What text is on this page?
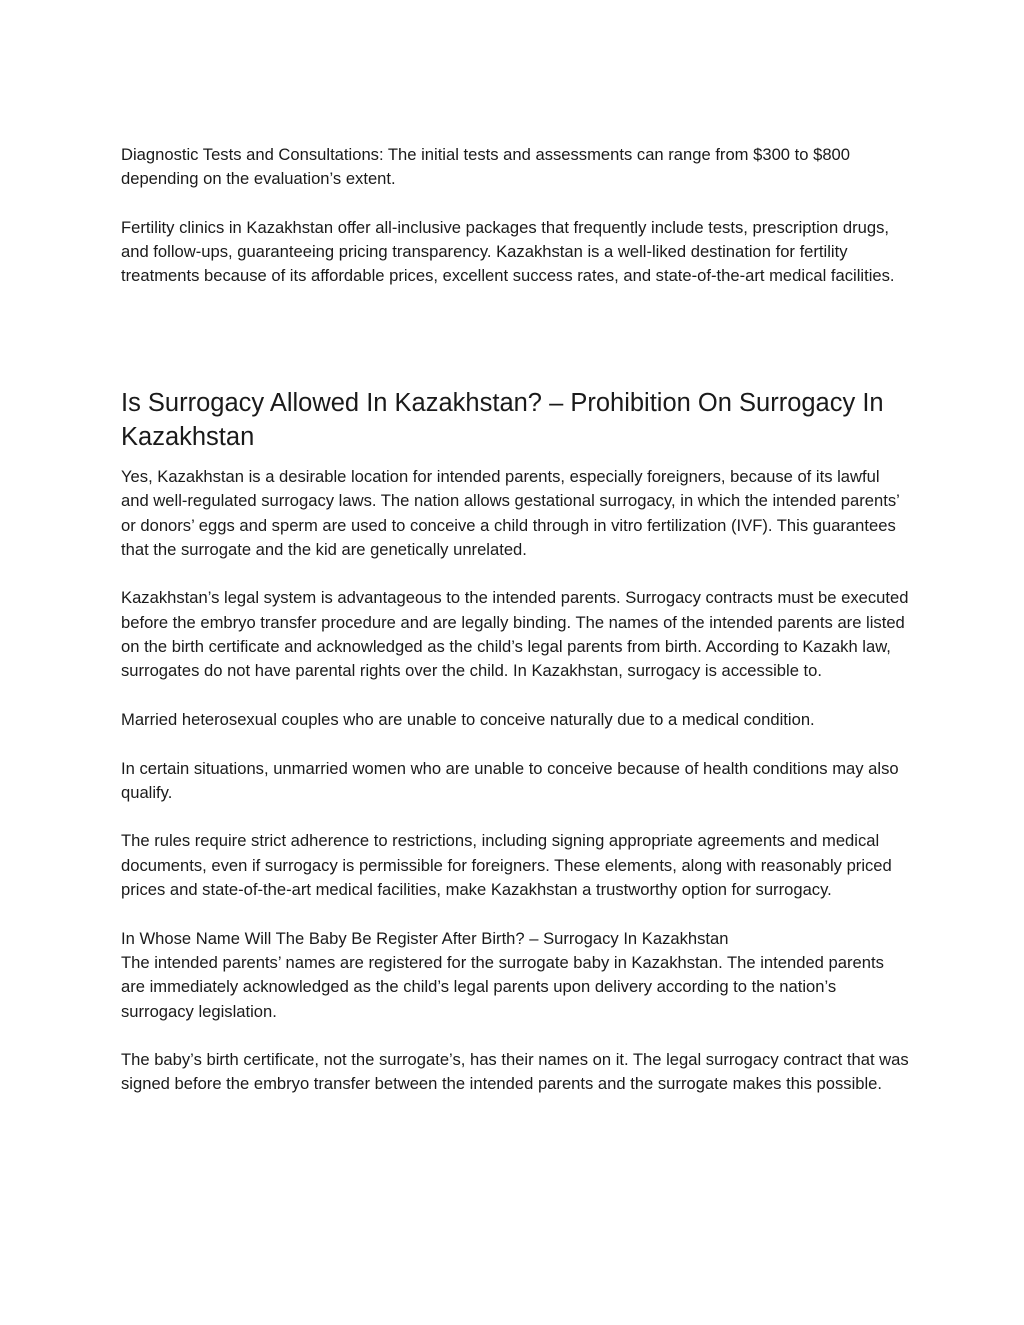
Diagnostic Tests and Consultations: The initial tests and assessments can range from $300 to $800 depending on the evaluation’s extent.

Fertility clinics in Kazakhstan offer all-inclusive packages that frequently include tests, prescription drugs, and follow-ups, guaranteeing pricing transparency. Kazakhstan is a well-liked destination for fertility treatments because of its affordable prices, excellent success rates, and state-of-the-art medical facilities.

Is Surrogacy Allowed In Kazakhstan? – Prohibition On Surrogacy In Kazakhstan

Yes, Kazakhstan is a desirable location for intended parents, especially foreigners, because of its lawful and well-regulated surrogacy laws. The nation allows gestational surrogacy, in which the intended parents’ or donors’ eggs and sperm are used to conceive a child through in vitro fertilization (IVF). This guarantees that the surrogate and the kid are genetically unrelated.

Kazakhstan’s legal system is advantageous to the intended parents. Surrogacy contracts must be executed before the embryo transfer procedure and are legally binding. The names of the intended parents are listed on the birth certificate and acknowledged as the child’s legal parents from birth. According to Kazakh law, surrogates do not have parental rights over the child. In Kazakhstan, surrogacy is accessible to.

Married heterosexual couples who are unable to conceive naturally due to a medical condition.

In certain situations, unmarried women who are unable to conceive because of health conditions may also qualify.

The rules require strict adherence to restrictions, including signing appropriate agreements and medical documents, even if surrogacy is permissible for foreigners. These elements, along with reasonably priced prices and state-of-the-art medical facilities, make Kazakhstan a trustworthy option for surrogacy.

In Whose Name Will The Baby Be Register After Birth? – Surrogacy In Kazakhstan

The intended parents’ names are registered for the surrogate baby in Kazakhstan. The intended parents are immediately acknowledged as the child’s legal parents upon delivery according to the nation’s surrogacy legislation.

The baby’s birth certificate, not the surrogate’s, has their names on it. The legal surrogacy contract that was signed before the embryo transfer between the intended parents and the surrogate makes this possible.
